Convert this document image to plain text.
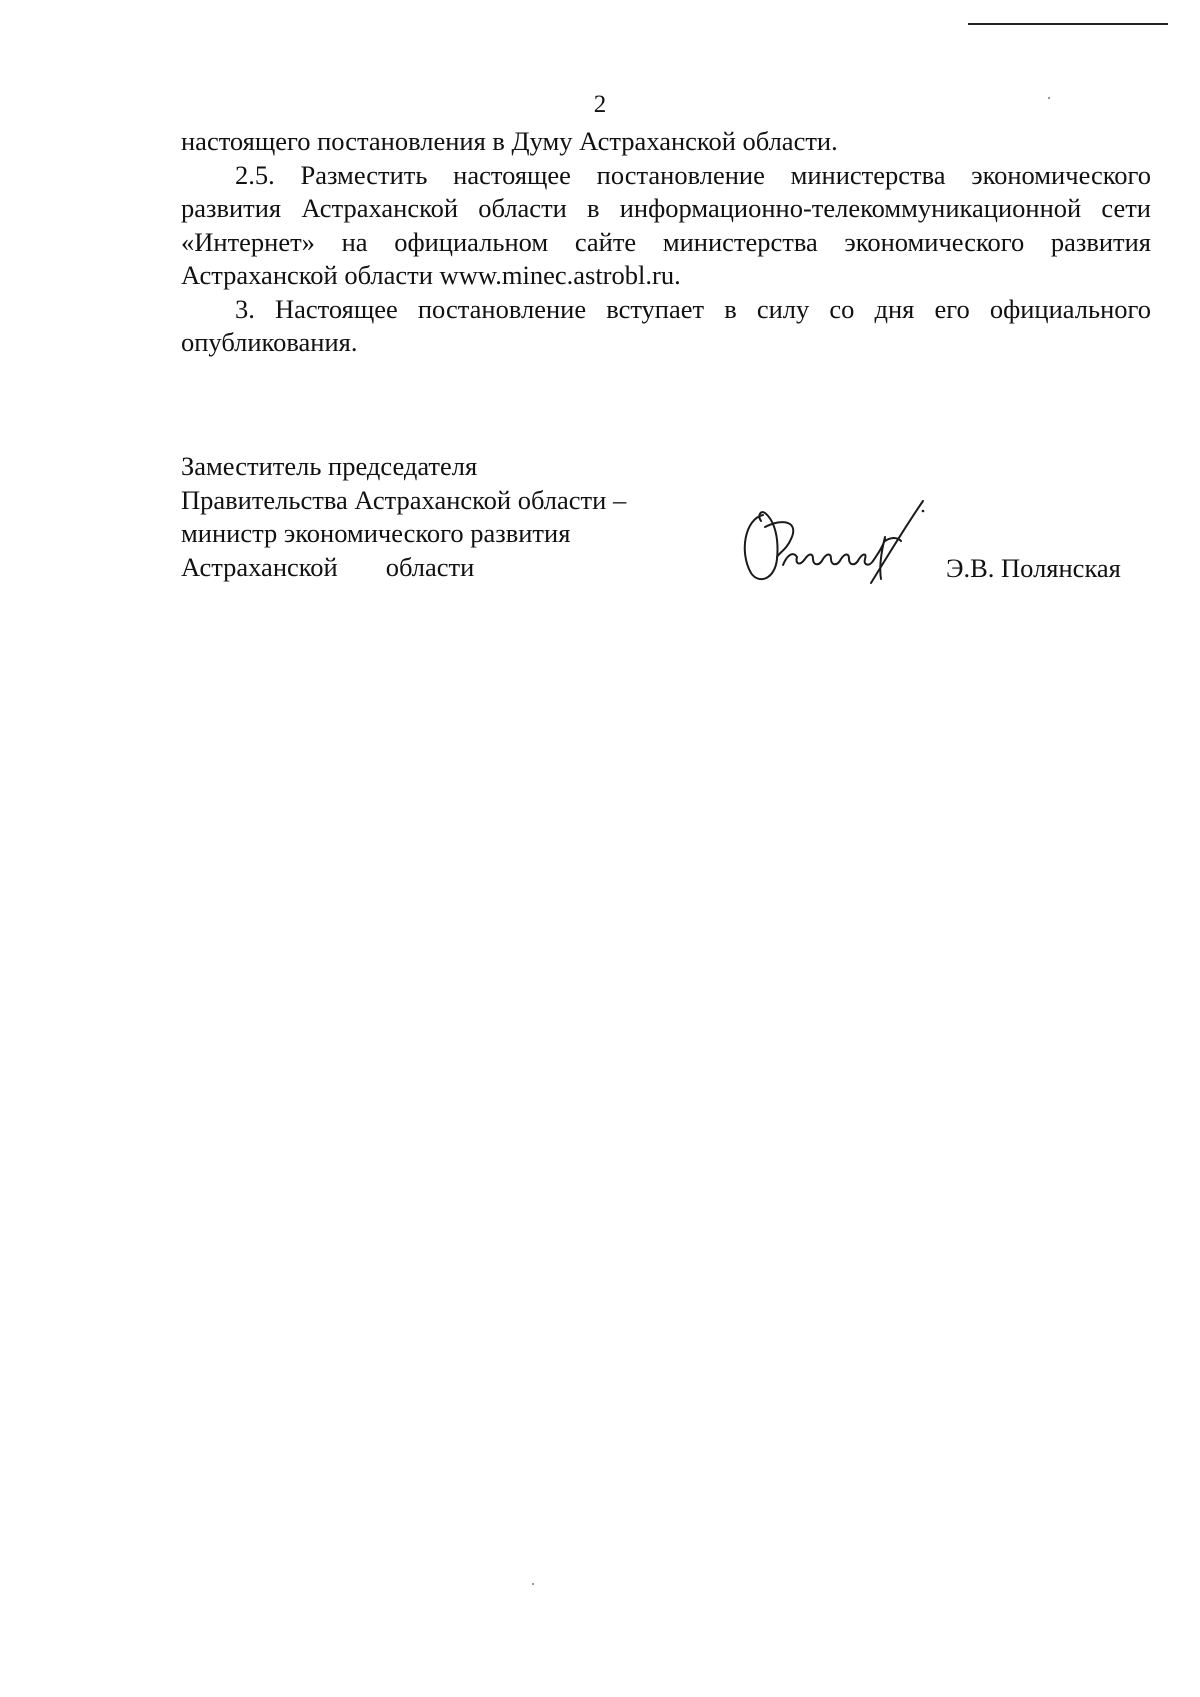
2

настоящего постановления в Думу Астраханской области.

2.5. Разместить настоящее постановление министерства экономического развития Астраханской области в информационно-телекоммуникационной сети «Интернет» на официальном сайте министерства экономического развития Астраханской области www.minec.astrobl.ru.

3. Настоящее постановление вступает в силу со дня его официального опубликования.

Заместитель председателя
Правительства Астраханской области –
министр экономического развития
Астраханской области	Э.В. Полянская
